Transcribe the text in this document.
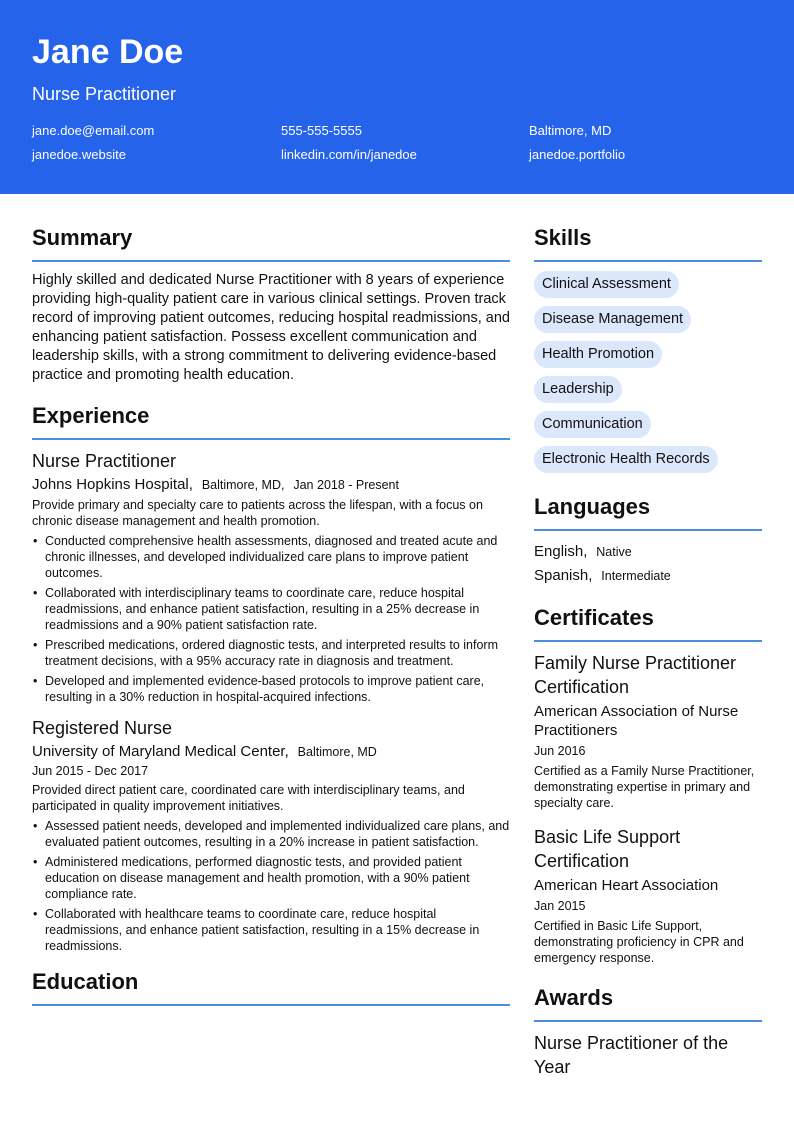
Jane Doe
Nurse Practitioner
jane.doe@email.com	555-555-5555	Baltimore, MD
janedoe.website	linkedin.com/in/janedoe	janedoe.portfolio
Summary

Highly skilled and dedicated Nurse Practitioner with 8 years of experience providing high-quality patient care in various clinical settings. Proven track record of improving patient outcomes, reducing hospital readmissions, and enhancing patient satisfaction. Possess excellent communication and leadership skills, with a strong commitment to delivering evidence-based practice and promoting health education.

Experience
Nurse Practitioner
Johns Hopkins Hospital, Baltimore, MD, Jan 2018 - Present
Provide primary and specialty care to patients across the lifespan, with a focus on chronic disease management and health promotion.
• Conducted comprehensive health assessments, diagnosed and treated acute and chronic illnesses, and developed individualized care plans to improve patient outcomes.
• Collaborated with interdisciplinary teams to coordinate care, reduce hospital readmissions, and enhance patient satisfaction, resulting in a 25% decrease in readmissions and a 90% patient satisfaction rate.
• Prescribed medications, ordered diagnostic tests, and interpreted results to inform treatment decisions, with a 95% accuracy rate in diagnosis and treatment.
• Developed and implemented evidence-based protocols to improve patient care, resulting in a 30% reduction in hospital-acquired infections.
Registered Nurse
University of Maryland Medical Center, Baltimore, MD
Jun 2015 - Dec 2017
Provided direct patient care, coordinated care with interdisciplinary teams, and participated in quality improvement initiatives.
• Assessed patient needs, developed and implemented individualized care plans, and evaluated patient outcomes, resulting in a 20% increase in patient satisfaction.
• Administered medications, performed diagnostic tests, and provided patient education on disease management and health promotion, with a 90% patient compliance rate.
• Collaborated with healthcare teams to coordinate care, reduce hospital readmissions, and enhance patient satisfaction, resulting in a 15% decrease in readmissions.
Education
Skills
Clinical Assessment
Disease Management
Health Promotion
Leadership
Communication
Electronic Health Records
Languages
English, Native
Spanish, Intermediate
Certificates
Family Nurse Practitioner Certification
American Association of Nurse Practitioners
Jun 2016
Certified as a Family Nurse Practitioner, demonstrating expertise in primary and specialty care.
Basic Life Support Certification
American Heart Association
Jan 2015
Certified in Basic Life Support, demonstrating proficiency in CPR and emergency response.
Awards
Nurse Practitioner of the Year
